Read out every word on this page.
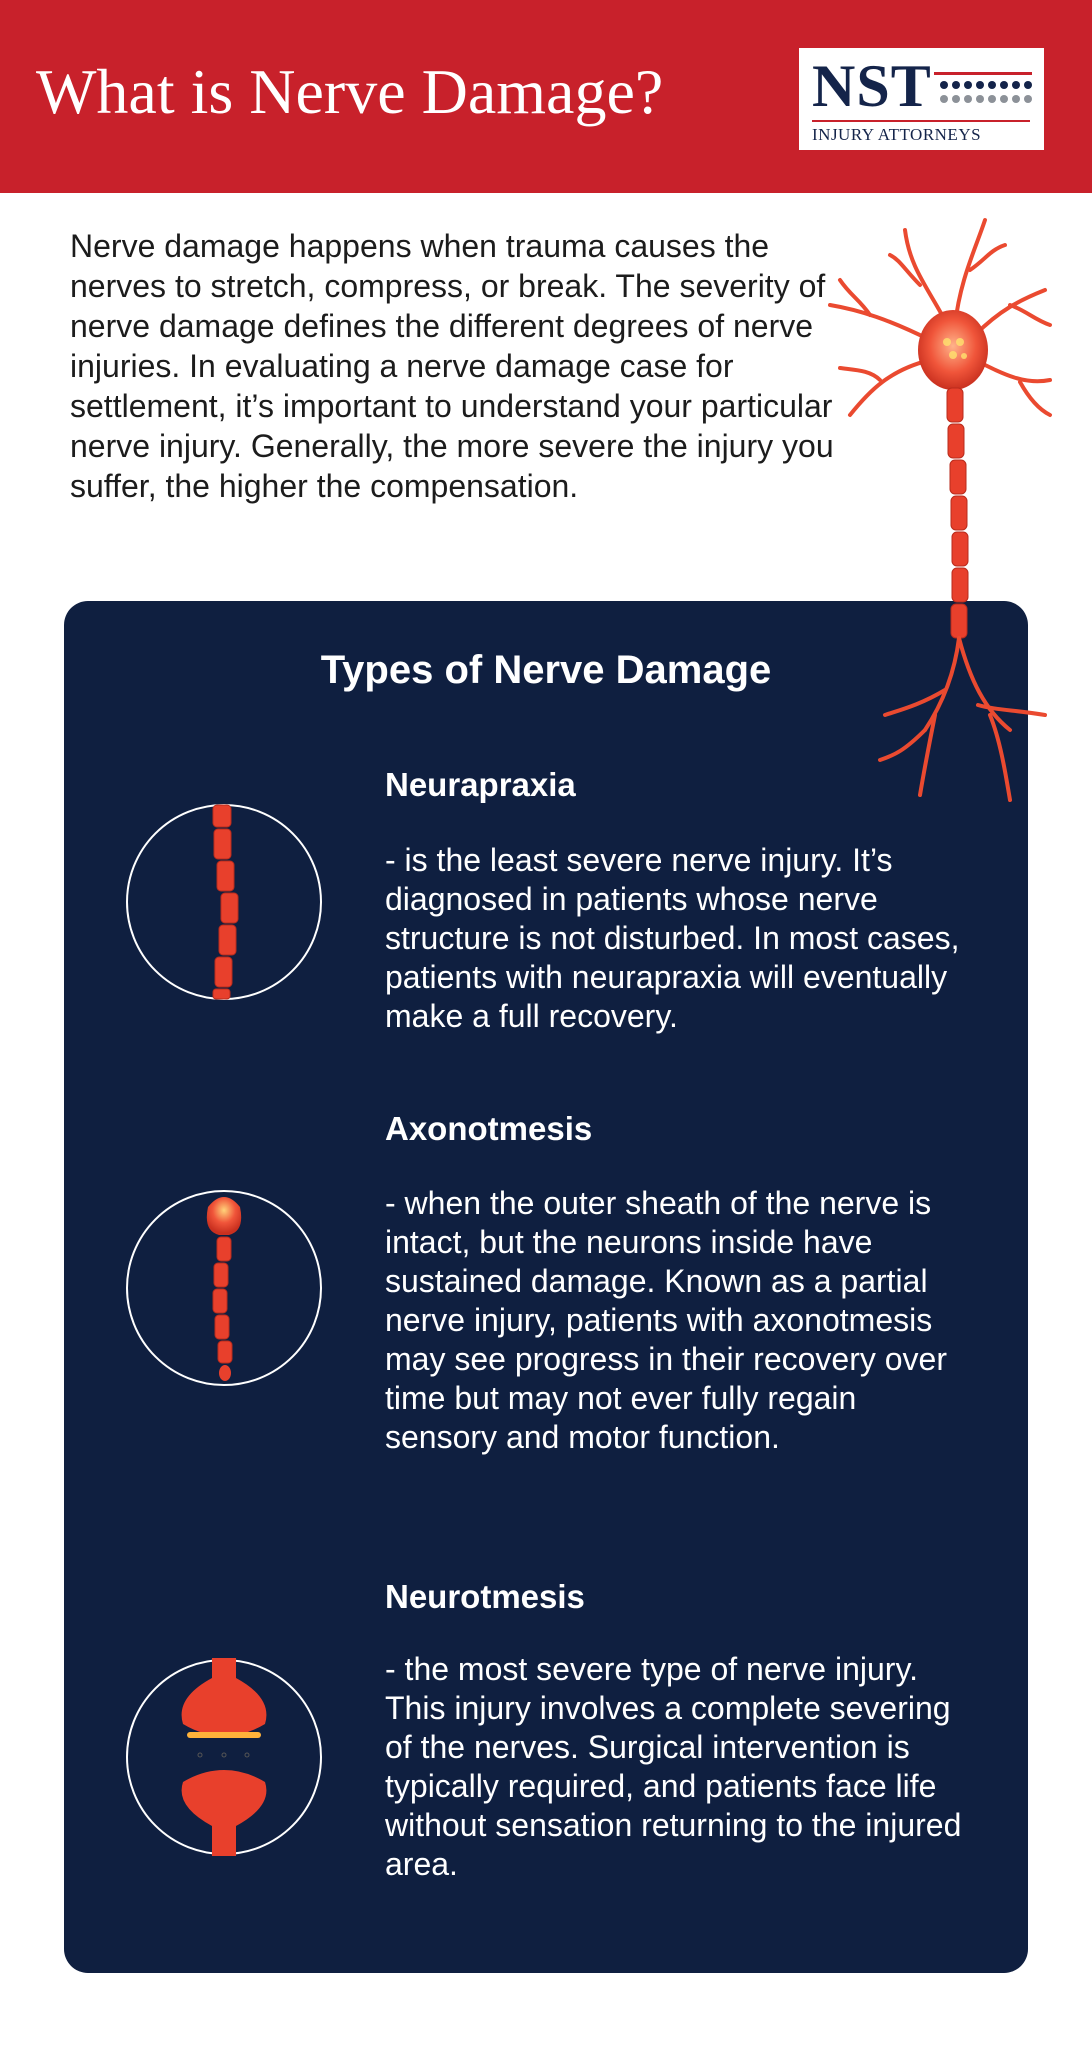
What is Nerve Damage? NST
INJURY ATTORNEYS

Nerve damage happens when trauma causes the nerves to stretch, compress, or break. The severity of nerve damage defines the different degrees of nerve injuries. In evaluating a nerve damage case for settlement, it’s important to understand your particular nerve injury. Generally, the more severe the injury you suffer, the higher the compensation.

Types of Nerve Damage
Neurapraxia

- is the least severe nerve injury. It’s diagnosed in patients whose nerve structure is not disturbed. In most cases, patients with neurapraxia will eventually make a full recovery.

Axonotmesis

- when the outer sheath of the nerve is intact, but the neurons inside have sustained damage. Known as a partial nerve injury, patients with axonotmesis may see progress in their recovery over time but may not ever fully regain sensory and motor function.

Neurotmesis

- the most severe type of nerve injury. This injury involves a complete severing of the nerves. Surgical intervention is typically required, and patients face life without sensation returning to the injured area.
